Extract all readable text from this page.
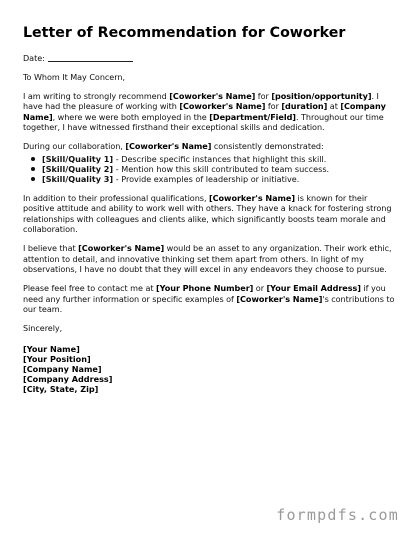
Letter of Recommendation for Coworker

Date:

To Whom It May Concern,

I am writing to strongly recommend [Coworker's Name] for [position/opportunity]. I have had the pleasure of working with [Coworker's Name] for [duration] at [Company Name], where we were both employed in the [Department/Field]. Throughout our time together, I have witnessed firsthand their exceptional skills and dedication.

During our collaboration, [Coworker's Name] consistently demonstrated:

[Skill/Quality 1] - Describe specific instances that highlight this skill.
[Skill/Quality 2] - Mention how this skill contributed to team success.
[Skill/Quality 3] - Provide examples of leadership or initiative.

In addition to their professional qualifications, [Coworker's Name] is known for their positive attitude and ability to work well with others. They have a knack for fostering strong relationships with colleagues and clients alike, which significantly boosts team morale and collaboration.

I believe that [Coworker's Name] would be an asset to any organization. Their work ethic, attention to detail, and innovative thinking set them apart from others. In light of my observations, I have no doubt that they will excel in any endeavors they choose to pursue.

Please feel free to contact me at [Your Phone Number] or [Your Email Address] if you need any further information or specific examples of [Coworker's Name]'s contributions to our team.

Sincerely,

[Your Name]
[Your Position]
[Company Name]
[Company Address]
[City, State, Zip]
formpdfs.com
